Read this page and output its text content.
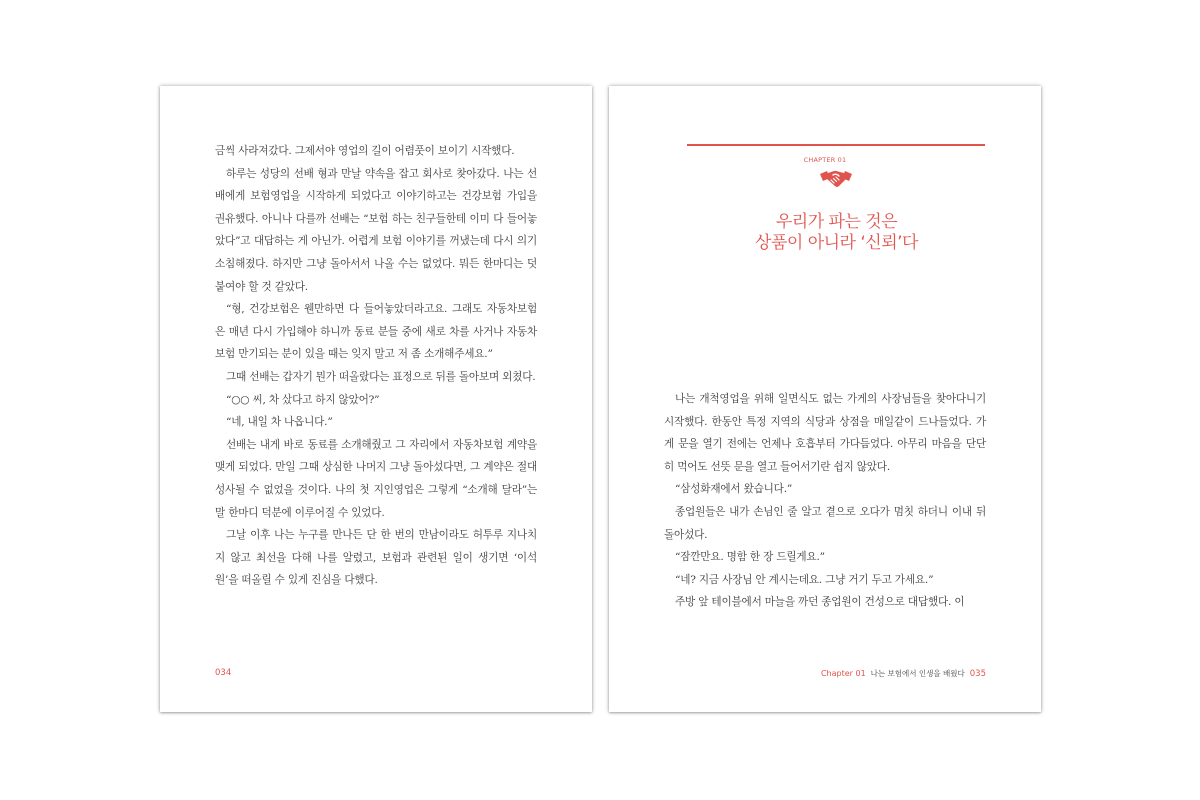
금씩 사라져갔다. 그제서야 영업의 길이 어렴풋이 보이기 시작했다.

하루는 성당의 선배 형과 만날 약속을 잡고 회사로 찾아갔다. 나는 선배에게 보험영업을 시작하게 되었다고 이야기하고는 건강보험 가입을 권유했다. 아니나 다를까 선배는 “보험 하는 친구들한테 이미 다 들어놓았다”고 대답하는 게 아닌가. 어렵게 보험 이야기를 꺼냈는데 다시 의기소침해졌다. 하지만 그냥 돌아서서 나올 수는 없었다. 뭐든 한마디는 덧붙여야 할 것 같았다.

“형, 건강보험은 웬만하면 다 들어놓았더라고요. 그래도 자동차보험은 매년 다시 가입해야 하니까 동료 분들 중에 새로 차를 사거나 자동차보험 만기되는 분이 있을 때는 잊지 말고 저 좀 소개해주세요.”

그때 선배는 갑자기 뭔가 떠올랐다는 표정으로 뒤를 돌아보며 외쳤다.

“○○ 씨, 차 샀다고 하지 않았어?”

“네, 내일 차 나옵니다.”

선배는 내게 바로 동료를 소개해줬고 그 자리에서 자동차보험 계약을 맺게 되었다. 만일 그때 상심한 나머지 그냥 돌아섰다면, 그 계약은 절대 성사될 수 없었을 것이다. 나의 첫 지인영업은 그렇게 “소개해 달라”는 말 한마디 덕분에 이루어질 수 있었다.

그날 이후 나는 누구를 만나든 단 한 번의 만남이라도 허투루 지나치지 않고 최선을 다해 나를 알렸고, 보험과 관련된 일이 생기면 ‘이석원’을 떠올릴 수 있게 진심을 다했다.

034
CHAPTER 01
우리가 파는 것은
상품이 아니라 ‘신뢰’다

나는 개척영업을 위해 일면식도 없는 가게의 사장님들을 찾아다니기 시작했다. 한동안 특정 지역의 식당과 상점을 매일같이 드나들었다. 가게 문을 열기 전에는 언제나 호흡부터 가다듬었다. 아무리 마음을 단단히 먹어도 선뜻 문을 열고 들어서기란 쉽지 않았다.

“삼성화재에서 왔습니다.”

종업원들은 내가 손님인 줄 알고 곁으로 오다가 멈칫 하더니 이내 뒤돌아섰다.

“잠깐만요. 명함 한 장 드릴게요.”

“네? 지금 사장님 안 계시는데요. 그냥 거기 두고 가세요.”

주방 앞 테이블에서 마늘을 까던 종업원이 건성으로 대답했다. 이

Chapter 01 나는 보험에서 인생을 배웠다 035
